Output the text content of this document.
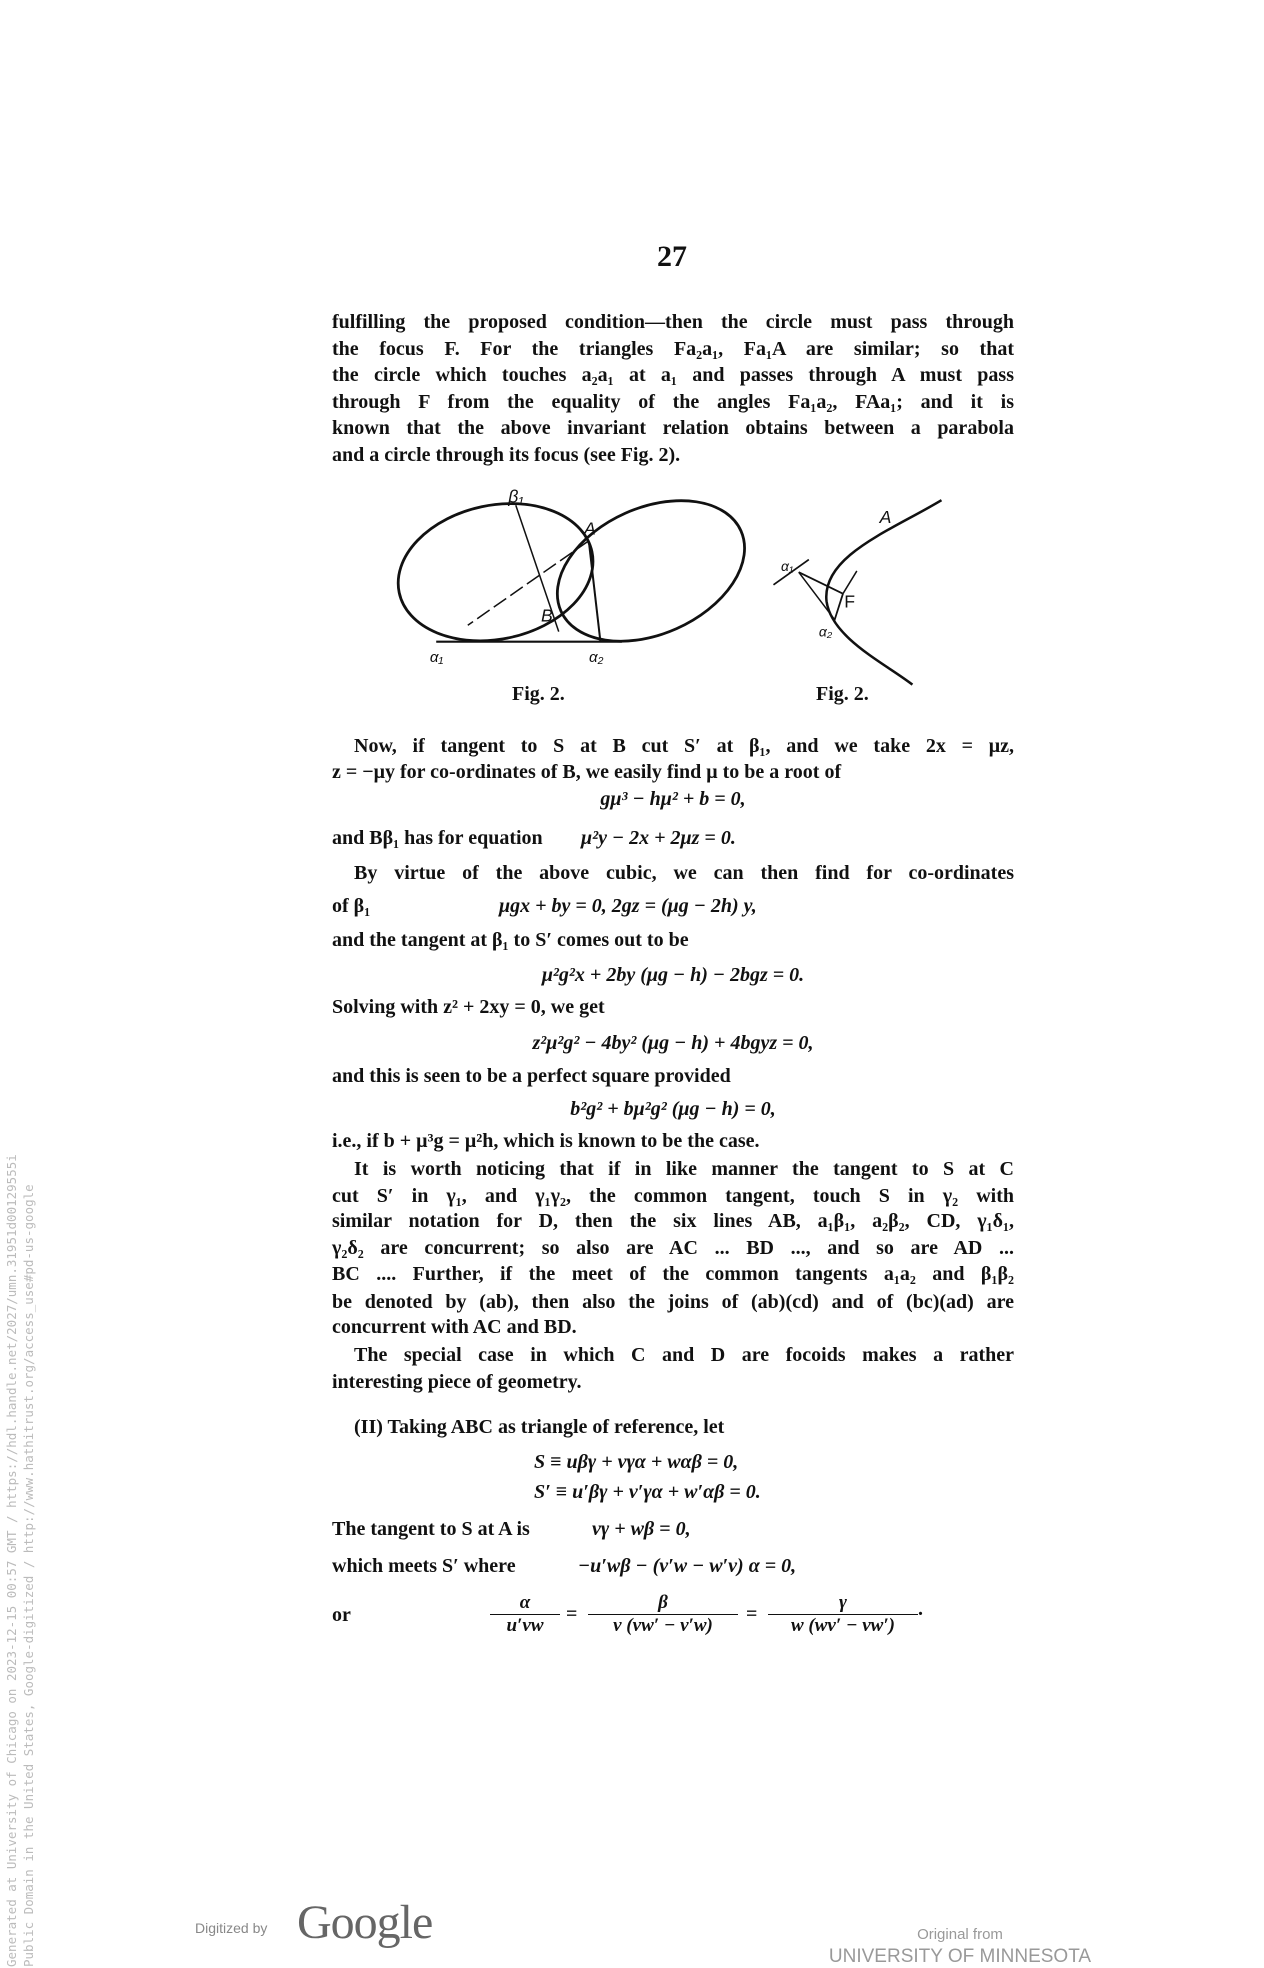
27
fulfilling the proposed condition—then the circle must pass through
the focus F. For the triangles Fa₂a₁, Fa₁A are similar; so that
the circle which touches a₂a₁ at a₁ and passes through A must pass
through F from the equality of the angles Fa₁a₂, FAa₁; and it is
known that the above invariant relation obtains between a parabola
and a circle through its focus (see Fig. 2).
β₁
A
B
α₁	α₂
A
F
α₁
α₂
Fig. 2.	Fig. 2.
Now, if tangent to S at B cut S′ at β₁, and we take 2x = μz,
z = −μy for co-ordinates of B, we easily find μ to be a root of
gμ³ − hμ² + b = 0,
and Bβ₁ has for equation	μ²y − 2x + 2μz = 0.
By virtue of the above cubic, we can then find for co-ordinates
of β₁	μgx + by = 0, 2gz = (μg − 2h) y,
and the tangent at β₁ to S′ comes out to be
μ²g²x + 2by (μg − h) − 2bgz = 0.
Solving with z² + 2xy = 0, we get
z²μ²g² − 4by² (μg − h) + 4bgyz = 0,
and this is seen to be a perfect square provided
b²g² + bμ²g² (μg − h) = 0,
i.e., if b + μ³g = μ²h, which is known to be the case.
It is worth noticing that if in like manner the tangent to S at C
cut S′ in γ₁, and γ₁γ₂, the common tangent, touch S in γ₂ with
similar notation for D, then the six lines AB, a₁β₁, a₂β₂, CD, γ₁δ₁,
γ₂δ₂ are concurrent; so also are AC ... BD ..., and so are AD ...
BC .... Further, if the meet of the common tangents a₁a₂ and β₁β₂
be denoted by (ab), then also the joins of (ab)(cd) and of (bc)(ad) are
concurrent with AC and BD.
The special case in which C and D are focoids makes a rather
interesting piece of geometry.
(II) Taking ABC as triangle of reference, let
S ≡ uβγ + vγα + wαβ = 0,
S′ ≡ u′βγ + v′γα + w′αβ = 0.
The tangent to S at A is	vγ + wβ = 0,
which meets S′ where	−u′wβ − (v′w − w′v) α = 0,
or	$\frac{\alpha}{u'vw} = \frac{\beta}{v (vw' - v'w)} = \frac{\gamma}{w (wv' - vw')}$ .
Generated at University of Chicago on 2023-12-15 00:57 GMT / https://hdl.handle.net/2027/umn.31951d00129555i Public Domain in the United States, Google-digitized / http://www.hathitrust.org/access_use#pd-us-google	Digitized by Google	Original from
UNIVERSITY OF MINNESOTA
